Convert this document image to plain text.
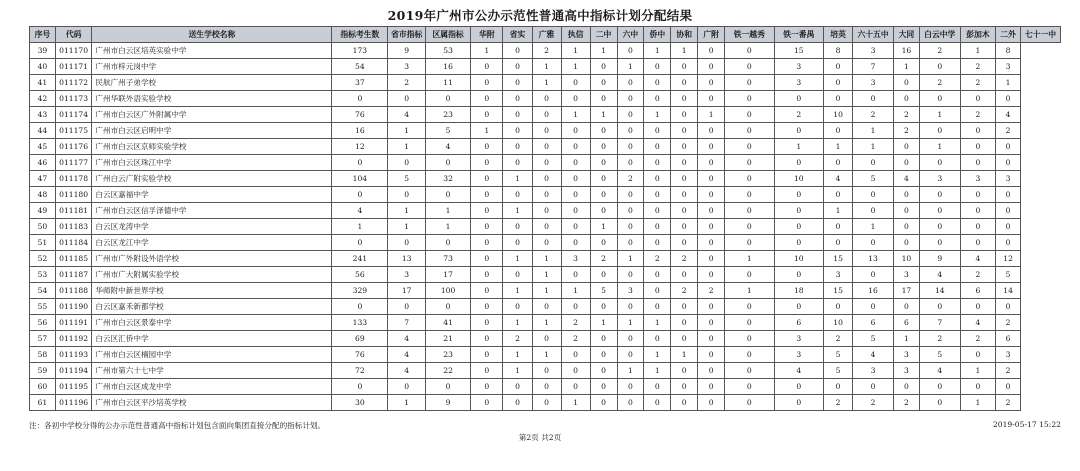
2019年广州市公办示范性普通高中指标计划分配结果
序号	代码	送生学校名称	指标考生数	省市指标	区属指标	华附	省实	广雅	执信	二中	六中	侨中	协和	广附	铁一越秀	铁一番禺	培英	六十五中	大同	白云中学	彭加木	二外	七十一中
39	011170	广州市白云区培英实验中学	173	9	53	1	0	2	1	1	0	1	1	0	0	15	8	3	16	2	1	8	
40	011171	广州市梓元岗中学	54	3	16	0	0	1	1	0	1	0	0	0	0	3	0	7	1	0	2	3	
41	011172	民航广州子弟学校	37	2	11	0	0	1	0	0	0	0	0	0	0	3	0	3	0	2	2	1	
42	011173	广州华联外语实验学校	0	0	0	0	0	0	0	0	0	0	0	0	0	0	0	0	0	0	0	0	
43	011174	广州市白云区广外附属中学	76	4	23	0	0	0	1	1	0	1	0	1	0	2	10	2	2	1	2	4	
44	011175	广州市白云区启明中学	16	1	5	1	0	0	0	0	0	0	0	0	0	0	0	1	2	0	0	2	
45	011176	广州市白云区京师实验学校	12	1	4	0	0	0	0	0	0	0	0	0	0	1	1	1	0	1	0	0	
46	011177	广州市白云区珠江中学	0	0	0	0	0	0	0	0	0	0	0	0	0	0	0	0	0	0	0	0	
47	011178	广州白云广附实验学校	104	5	32	0	1	0	0	0	2	0	0	0	0	10	4	5	4	3	3	3	
48	011180	白云区嘉福中学	0	0	0	0	0	0	0	0	0	0	0	0	0	0	0	0	0	0	0	0	
49	011181	广州市白云区信孚泽德中学	4	1	1	0	1	0	0	0	0	0	0	0	0	0	1	0	0	0	0	0	
50	011183	白云区龙涛中学	1	1	1	0	0	0	0	1	0	0	0	0	0	0	0	1	0	0	0	0	
51	011184	白云区龙江中学	0	0	0	0	0	0	0	0	0	0	0	0	0	0	0	0	0	0	0	0	
52	011185	广州市广外附设外语学校	241	13	73	0	1	1	3	2	1	2	2	0	1	10	15	13	10	9	4	12	
53	011187	广州市广大附属实验学校	56	3	17	0	0	1	0	0	0	0	0	0	0	0	3	0	3	4	2	5	
54	011188	华师附中新世界学校	329	17	100	0	1	1	1	5	3	0	2	2	1	18	15	16	17	14	6	14	
55	011190	白云区嘉禾新都学校	0	0	0	0	0	0	0	0	0	0	0	0	0	0	0	0	0	0	0	0	
56	011191	广州市白云区景泰中学	133	7	41	0	1	1	2	1	1	1	0	0	0	6	10	6	6	7	4	2	
57	011192	白云区汇侨中学	69	4	21	0	2	0	2	0	0	0	0	0	0	3	2	5	1	2	2	6	
58	011193	广州市白云区楠园中学	76	4	23	0	1	1	0	0	0	1	1	0	0	3	5	4	3	5	0	3	
59	011194	广州市第六十七中学	72	4	22	0	1	0	0	0	1	1	0	0	0	4	5	3	3	4	1	2	
60	011195	广州市白云区成龙中学	0	0	0	0	0	0	0	0	0	0	0	0	0	0	0	0	0	0	0	0	
61	011196	广州市白云区平沙培英学校	30	1	9	0	0	0	1	0	0	0	0	0	0	0	2	2	2	0	1	2	
注：各初中学校分得的公办示范性普通高中指标计划包含面向集团直接分配的指标计划。	2019-05-17 15:22
第2页 共2页
